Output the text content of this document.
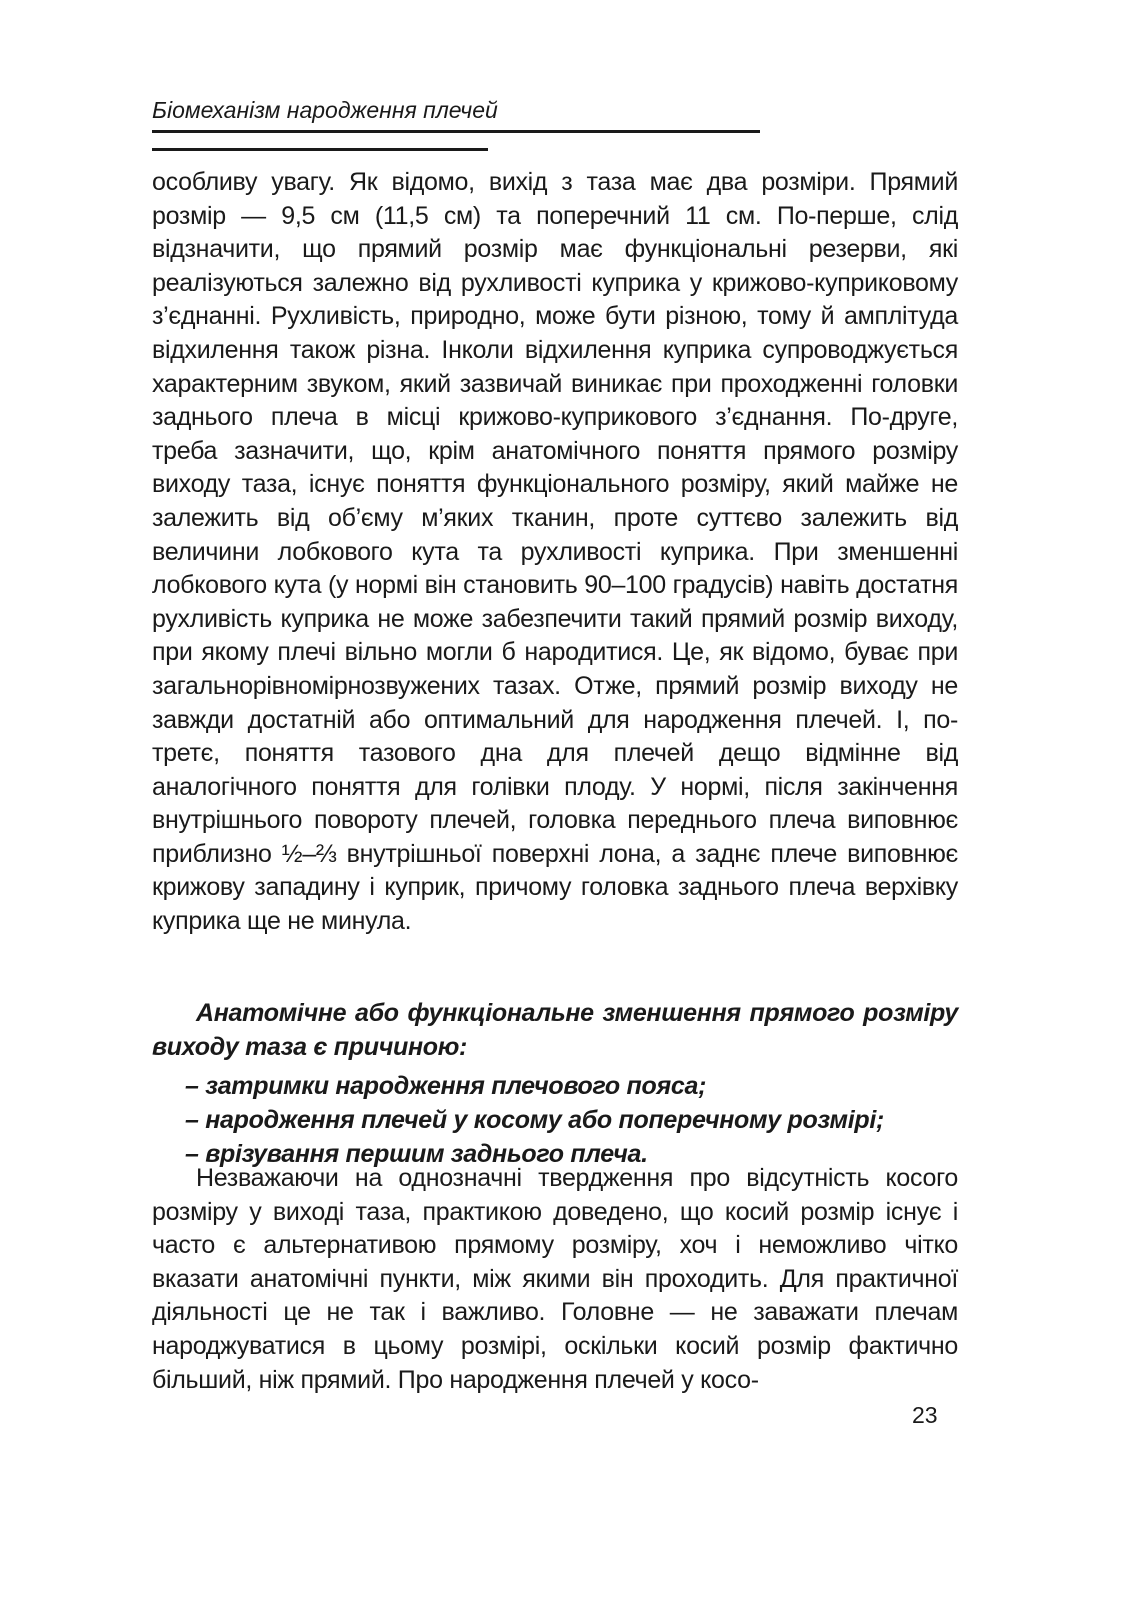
Біомеханізм народження плечей

особливу увагу. Як відомо, вихід з таза має два розміри. Прямий розмір — 9,5 см (11,5 см) та поперечний 11 см. По-перше, слід відзначити, що прямий розмір має функціональні резерви, які реалізуються залежно від рухливості куприка у крижово-куприковому з’єднанні. Рухливість, природно, може бути різною, тому й амплітуда відхилення також різна. Інколи відхилення куприка супроводжується характерним звуком, який зазвичай виникає при проходженні головки заднього плеча в місці крижово-куприкового з’єднання. По-друге, треба зазначити, що, крім анатомічного поняття прямого розміру виходу таза, існує поняття функціонального розміру, який майже не залежить від об’єму м’яких тканин, проте суттєво залежить від величини лобкового кута та рухливості куприка. При зменшенні лобкового кута (у нормі він становить 90–100 градусів) навіть достатня рухливість куприка не може забезпечити такий прямий розмір виходу, при якому плечі вільно могли б народитися. Це, як відомо, буває при загальнорівномірнозвужених тазах. Отже, прямий розмір виходу не завжди достатній або оптимальний для народження плечей. І, по-третє, поняття тазового дна для плечей дещо відмінне від аналогічного поняття для голівки плоду. У нормі, після закінчення внутрішнього повороту плечей, головка переднього плеча виповнює приблизно ½–⅔ внутрішньої поверхні лона, а заднє плече виповнює крижову западину і куприк, причому головка заднього плеча верхівку куприка ще не минула.

Анатомічне або функціональне зменшення прямого розміру виходу таза є причиною:

– затримки народження плечового пояса;
– народження плечей у косому або поперечному розмірі;
– врізування першим заднього плеча.

Незважаючи на однозначні твердження про відсутність косого розміру у виході таза, практикою доведено, що косий розмір існує і часто є альтернативою прямому розміру, хоч і неможливо чітко вказати анатомічні пункти, між якими він проходить. Для практичної діяльності це не так і важливо. Головне — не заважати плечам народжуватися в цьому розмірі, оскільки косий розмір фактично більший, ніж прямий. Про народження плечей у косо-

23
